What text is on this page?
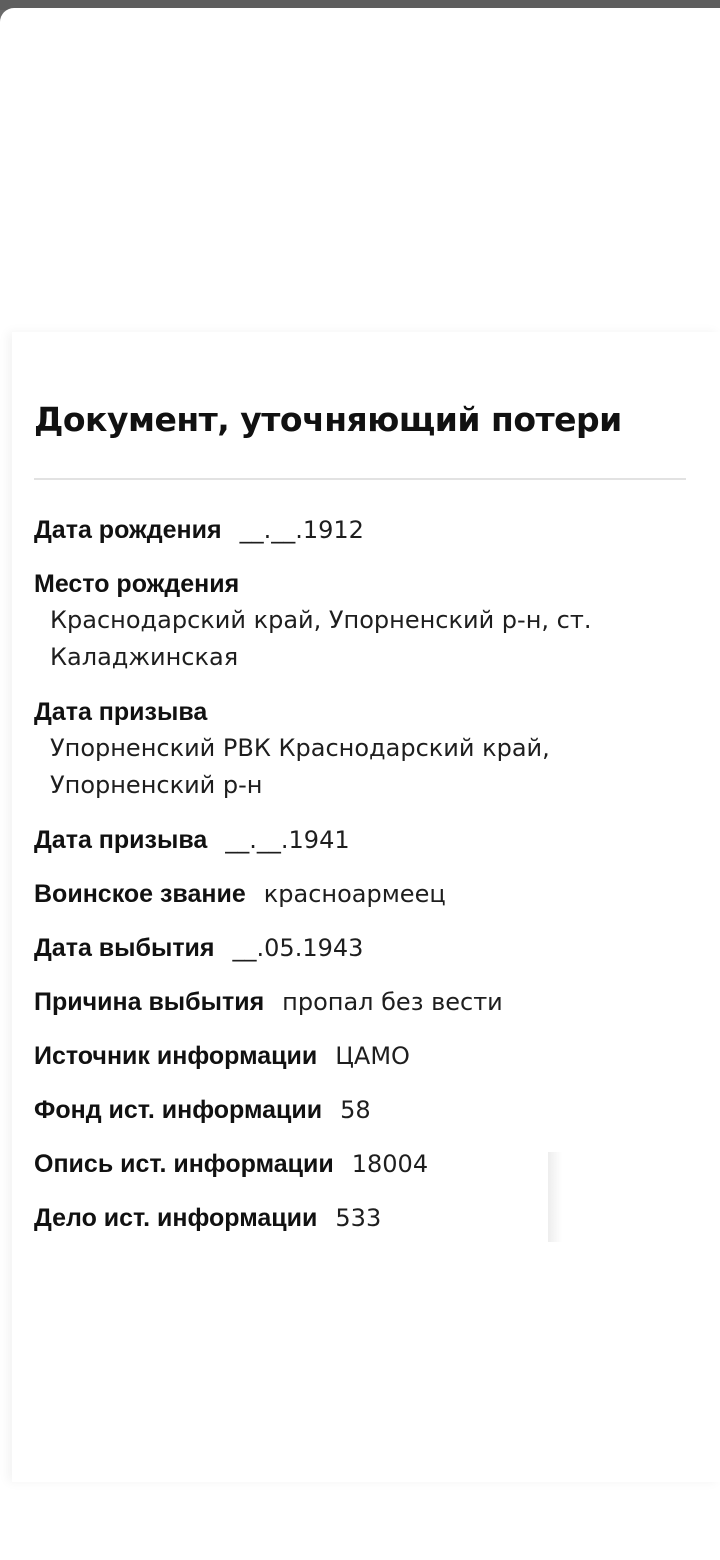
Документ, уточняющий потери
Дата рождения __.__.1912
Место рождения
Краснодарский край, Упорненский р-н, ст. Каладжинская
Дата призыва
Упорненский РВК Краснодарский край, Упорненский р-н
Дата призыва __.__.1941
Воинское звание красноармеец
Дата выбытия __.05.1943
Причина выбытия пропал без вести
Источник информации ЦАМО
Фонд ист. информации 58
Опись ист. информации 18004
Дело ист. информации 533
